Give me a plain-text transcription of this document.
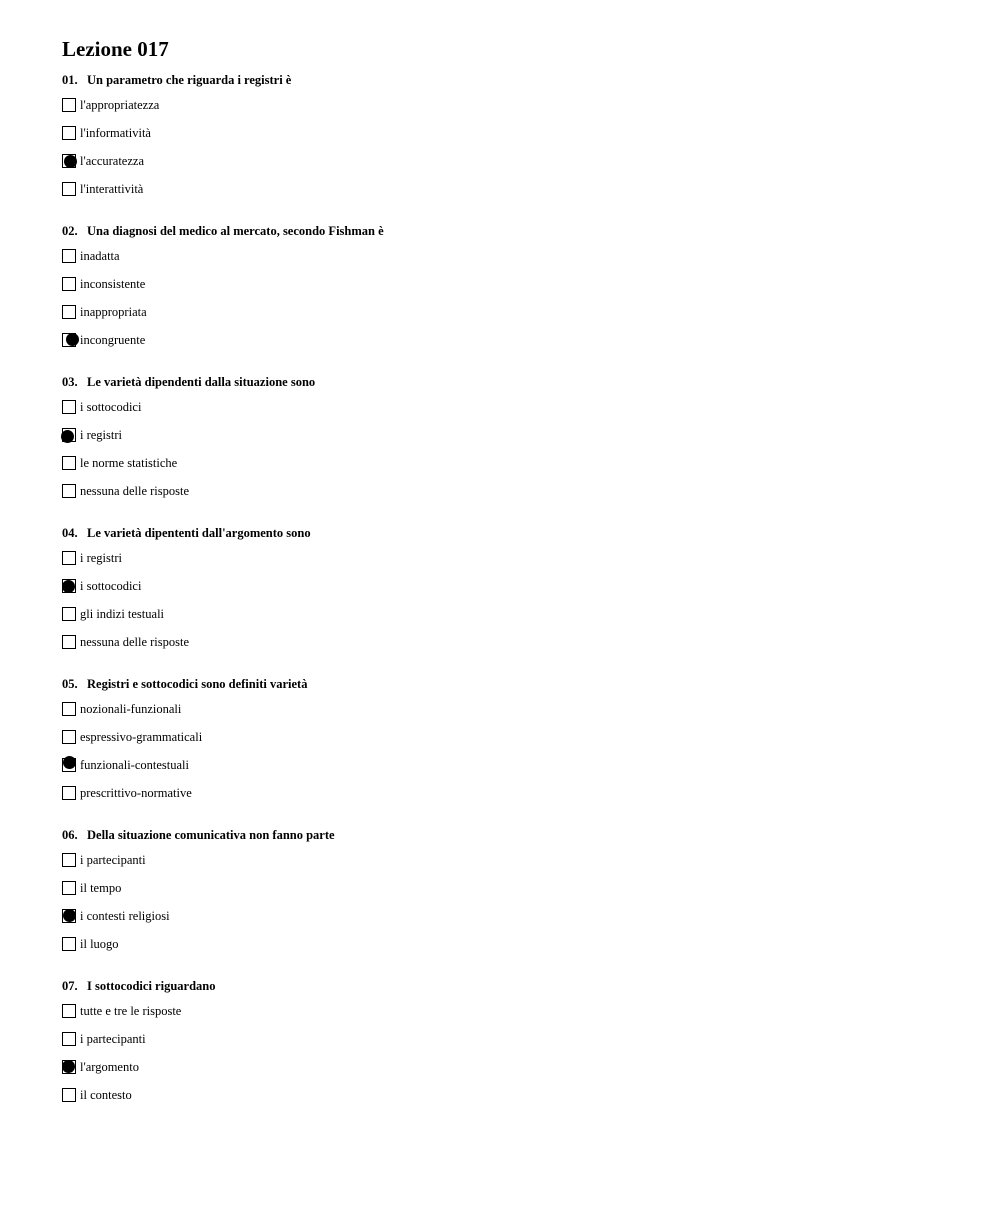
Lezione 017
01. Un parametro che riguarda i registri è
l'appropriatezza
l'informatività
l'accuratezza
l'interattività
02. Una diagnosi del medico al mercato, secondo Fishman è
inadatta
inconsistente
inappropriata
incongruente
03. Le varietà dipendenti dalla situazione sono
i sottocodici
i registri
le norme statistiche
nessuna delle risposte
04. Le varietà dipententi dall'argomento sono
i registri
i sottocodici
gli indizi testuali
nessuna delle risposte
05. Registri e sottocodici sono definiti varietà
nozionali-funzionali
espressivo-grammaticali
funzionali-contestuali
prescrittivo-normative
06. Della situazione comunicativa non fanno parte
i partecipanti
il tempo
i contesti religiosi
il luogo
07. I sottocodici riguardano
tutte e tre le risposte
i partecipanti
l'argomento
il contesto
